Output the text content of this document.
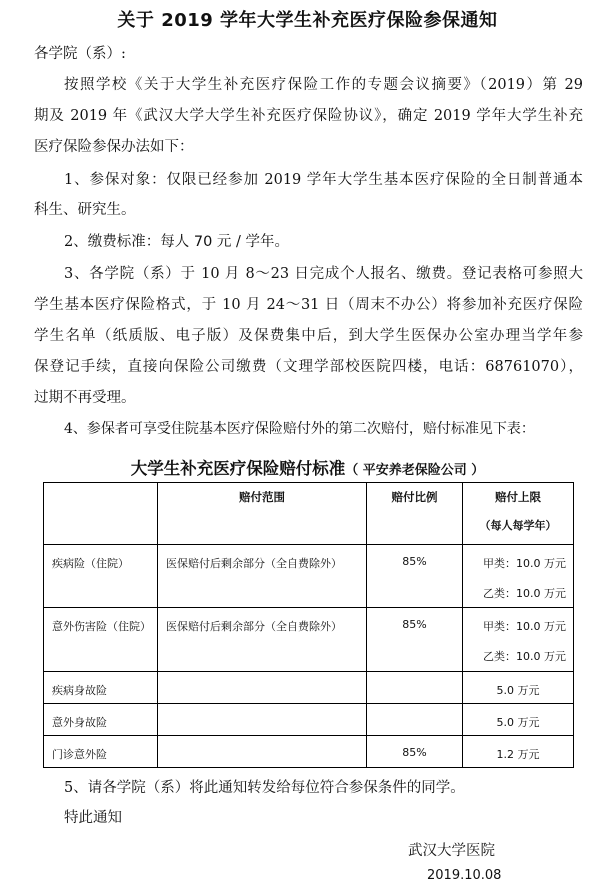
关于 2019 学年大学生补充医疗保险参保通知
各学院（系）:
按照学校《关于大学生补充医疗保险工作的专题会议摘要》（2019）第 29
期及 2019 年《武汉大学大学生补充医疗保险协议》，确定 2019 学年大学生补充
医疗保险参保办法如下：
1、参保对象：仅限已经参加 2019 学年大学生基本医疗保险的全日制普通本
科生、研究生。
2、缴费标准：每人 70 元 / 学年。
3、各学院（系）于 10 月 8～23 日完成个人报名、缴费。登记表格可参照大
学生基本医疗保险格式，于 10 月 24～31 日（周末不办公）将参加补充医疗保险
学生名单（纸质版、电子版）及保费集中后，到大学生医保办公室办理当学年参
保登记手续，直接向保险公司缴费（文理学部校医院四楼，电话：68761070），
过期不再受理。
4、参保者可享受住院基本医疗保险赔付外的第二次赔付，赔付标准见下表：
大学生补充医疗保险赔付标准（ 平安养老保险公司 ）
	赔付范围	赔付比例	赔付上限
（每人每学年）

疾病险（住院）	医保赔付后剩余部分（全自费除外）	85%	甲类：10.0 万元
乙类：10.0 万元

意外伤害险（住院）	医保赔付后剩余部分（全自费除外）	85%	甲类：10.0 万元
乙类：10.0 万元

疾病身故险			5.0 万元
意外身故险			5.0 万元
门诊意外险		85%	1.2 万元
5、请各学院（系）将此通知转发给每位符合参保条件的同学。
特此通知
武汉大学医院
2019.10.08
